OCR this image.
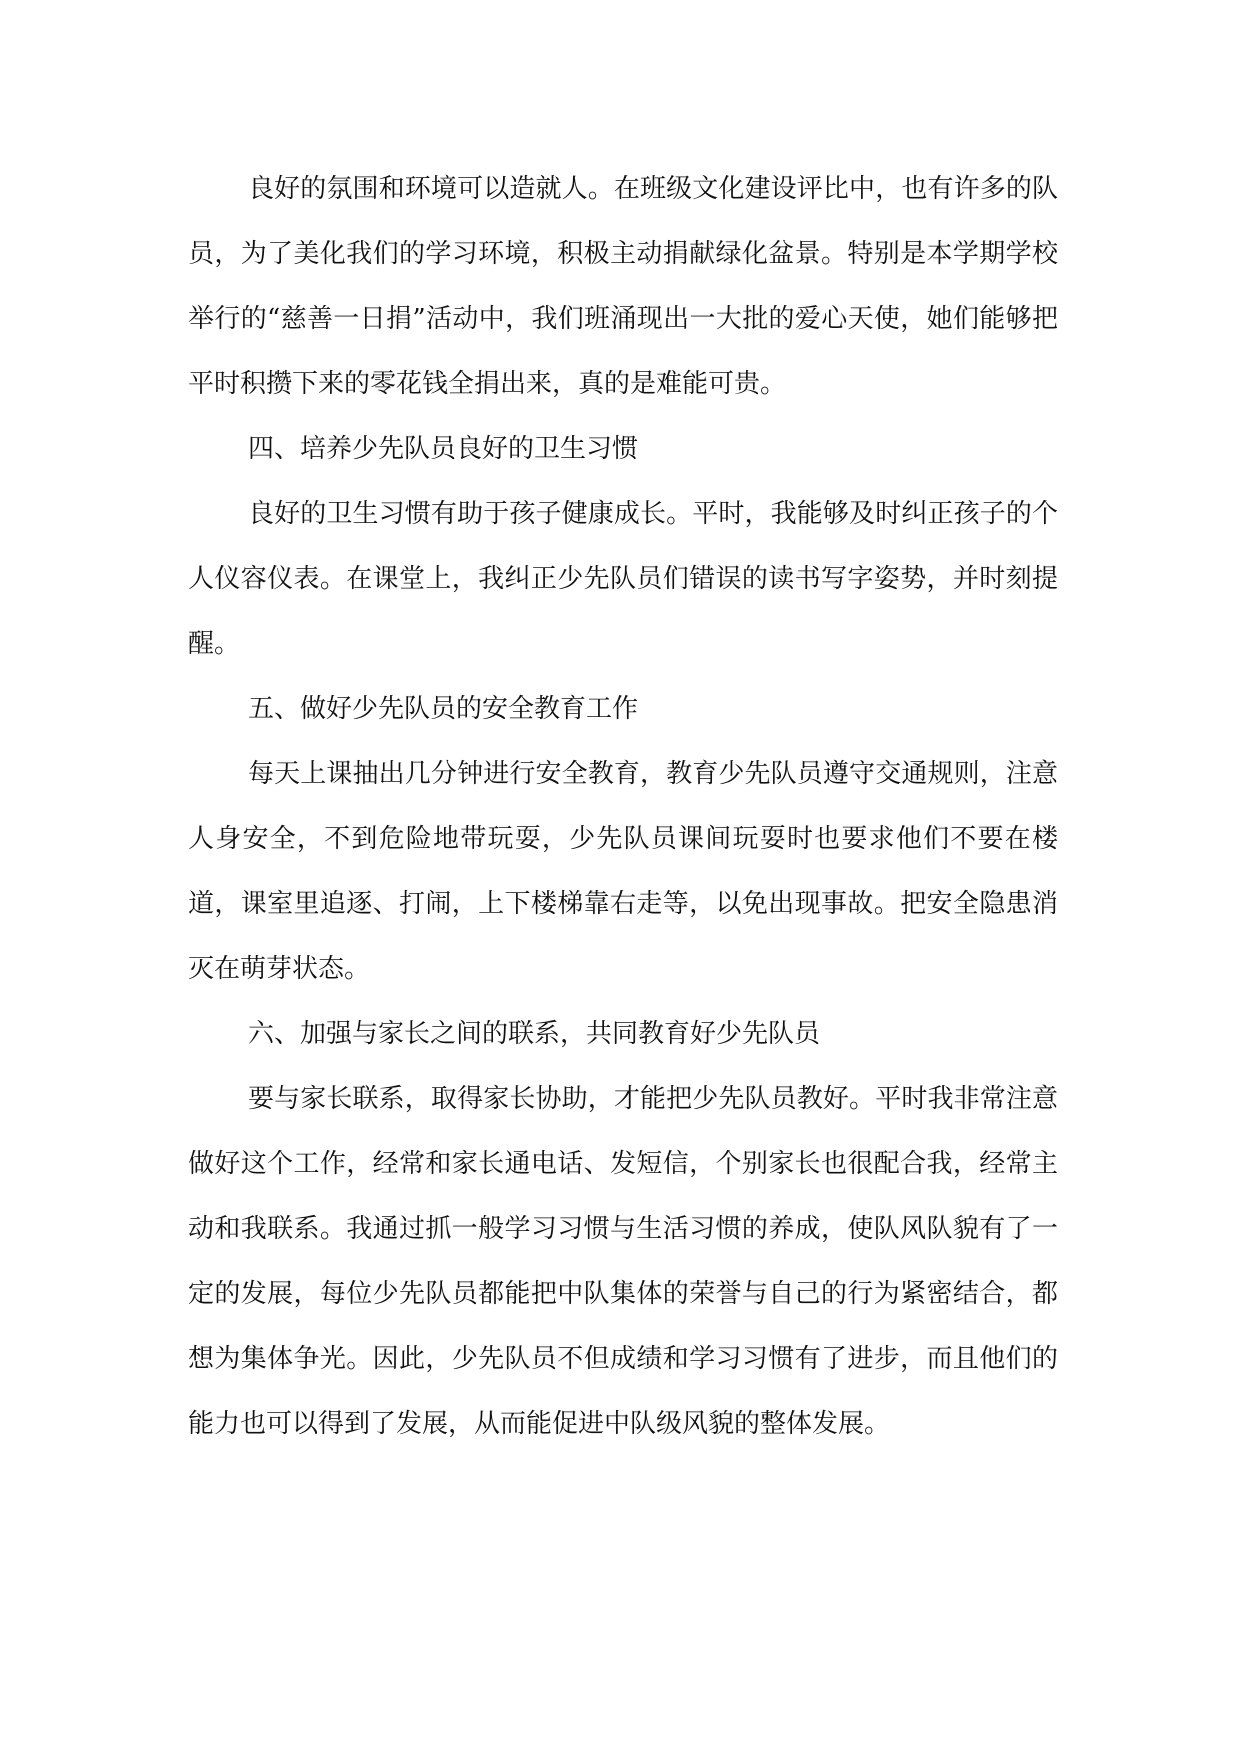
良好的氛围和环境可以造就人。在班级文化建设评比中，也有许多的队员，为了美化我们的学习环境，积极主动捐献绿化盆景。特别是本学期学校举行的“慈善一日捐”活动中，我们班涌现出一大批的爱心天使，她们能够把平时积攒下来的零花钱全捐出来，真的是难能可贵。

四、培养少先队员良好的卫生习惯

良好的卫生习惯有助于孩子健康成长。平时，我能够及时纠正孩子的个人仪容仪表。在课堂上，我纠正少先队员们错误的读书写字姿势，并时刻提醒。

五、做好少先队员的安全教育工作

每天上课抽出几分钟进行安全教育，教育少先队员遵守交通规则，注意人身安全，不到危险地带玩耍，少先队员课间玩耍时也要求他们不要在楼道，课室里追逐、打闹，上下楼梯靠右走等，以免出现事故。把安全隐患消灭在萌芽状态。

六、加强与家长之间的联系，共同教育好少先队员

要与家长联系，取得家长协助，才能把少先队员教好。平时我非常注意做好这个工作，经常和家长通电话、发短信，个别家长也很配合我，经常主动和我联系。我通过抓一般学习习惯与生活习惯的养成，使队风队貌有了一定的发展，每位少先队员都能把中队集体的荣誉与自己的行为紧密结合，都想为集体争光。因此，少先队员不但成绩和学习习惯有了进步，而且他们的能力也可以得到了发展，从而能促进中队级风貌的整体发展。
